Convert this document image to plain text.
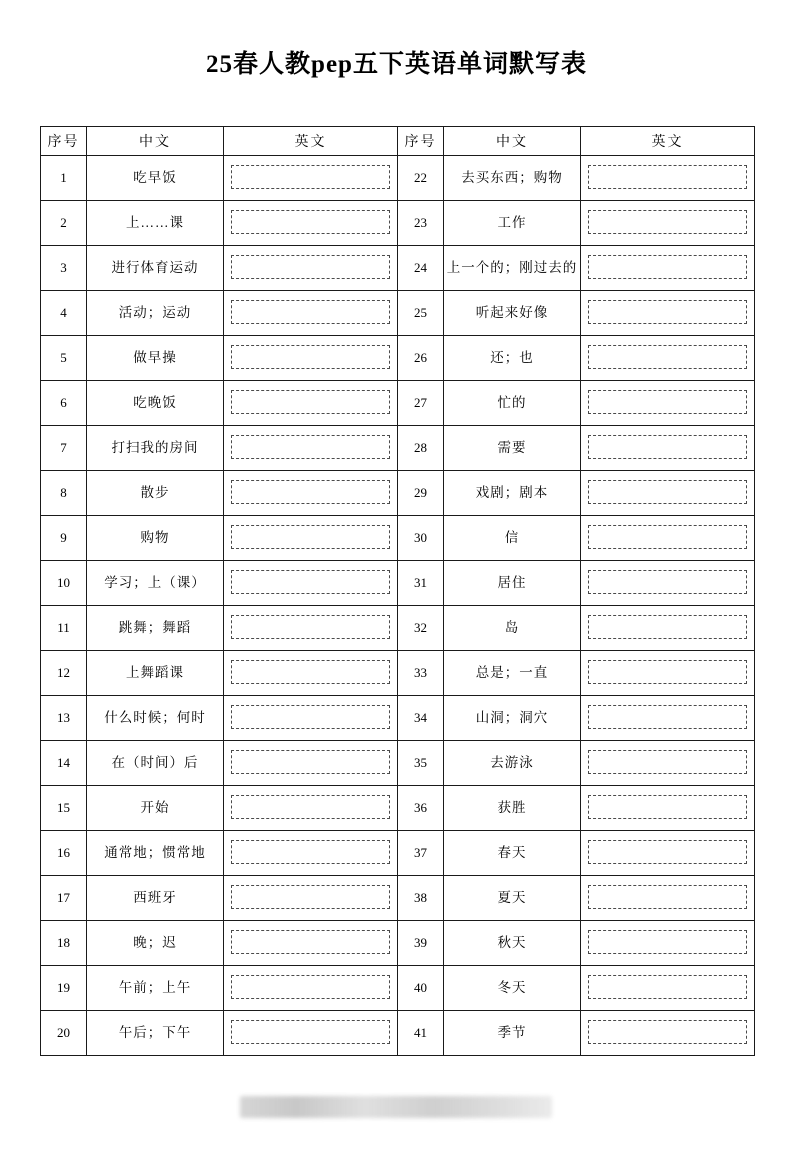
25春人教pep五下英语单词默写表
序号	中文	英文	序号	中文	英文

1	吃早饭		22	去买东西；购物	

2	上……课		23	工作	

3	进行体育运动		24	上一个的；刚过去的	

4	活动；运动		25	听起来好像	

5	做早操		26	还；也	

6	吃晚饭		27	忙的	

7	打扫我的房间		28	需要	

8	散步		29	戏剧；剧本	

9	购物		30	信	

10	学习；上（课）		31	居住	

11	跳舞；舞蹈		32	岛	

12	上舞蹈课		33	总是；一直	

13	什么时候；何时		34	山洞；洞穴	

14	在（时间）后		35	去游泳	

15	开始		36	获胜	

16	通常地；惯常地		37	春天	

17	西班牙		38	夏天	

18	晚；迟		39	秋天	

19	午前；上午		40	冬天	

20	午后；下午		41	季节	
